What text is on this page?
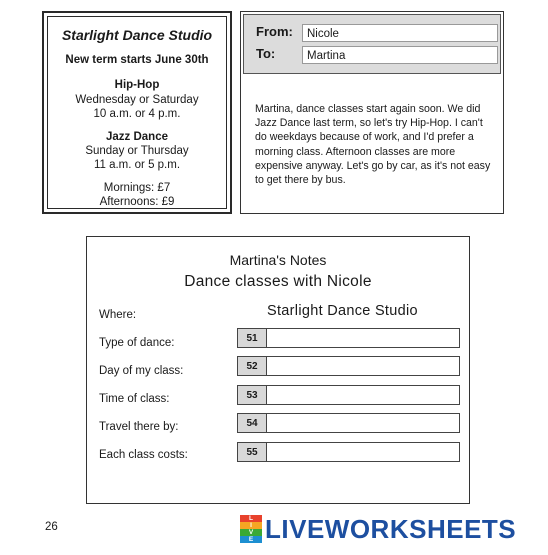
Starlight Dance Studio
New term starts June 30th
Hip-Hop
Wednesday or Saturday
10 a.m. or 4 p.m.
Jazz Dance
Sunday or Thursday
11 a.m. or 5 p.m.
Mornings: £7
Afternoons: £9
From:	Nicole
To:	Martina
Martina, dance classes start again soon. We did Jazz Dance last term, so let's try Hip-Hop. I can't do weekdays because of work, and I'd prefer a morning class. Afternoon classes are more expensive anyway. Let's go by car, as it's not easy to get there by bus.
Martina's Notes
Dance classes with Nicole
Where:	Starlight Dance Studio
Type of dance:	51
Day of my class:	52
Time of class:	53
Travel there by:	54
Each class costs:	55
26
L
I
V
E LIVEWORKSHEETS
